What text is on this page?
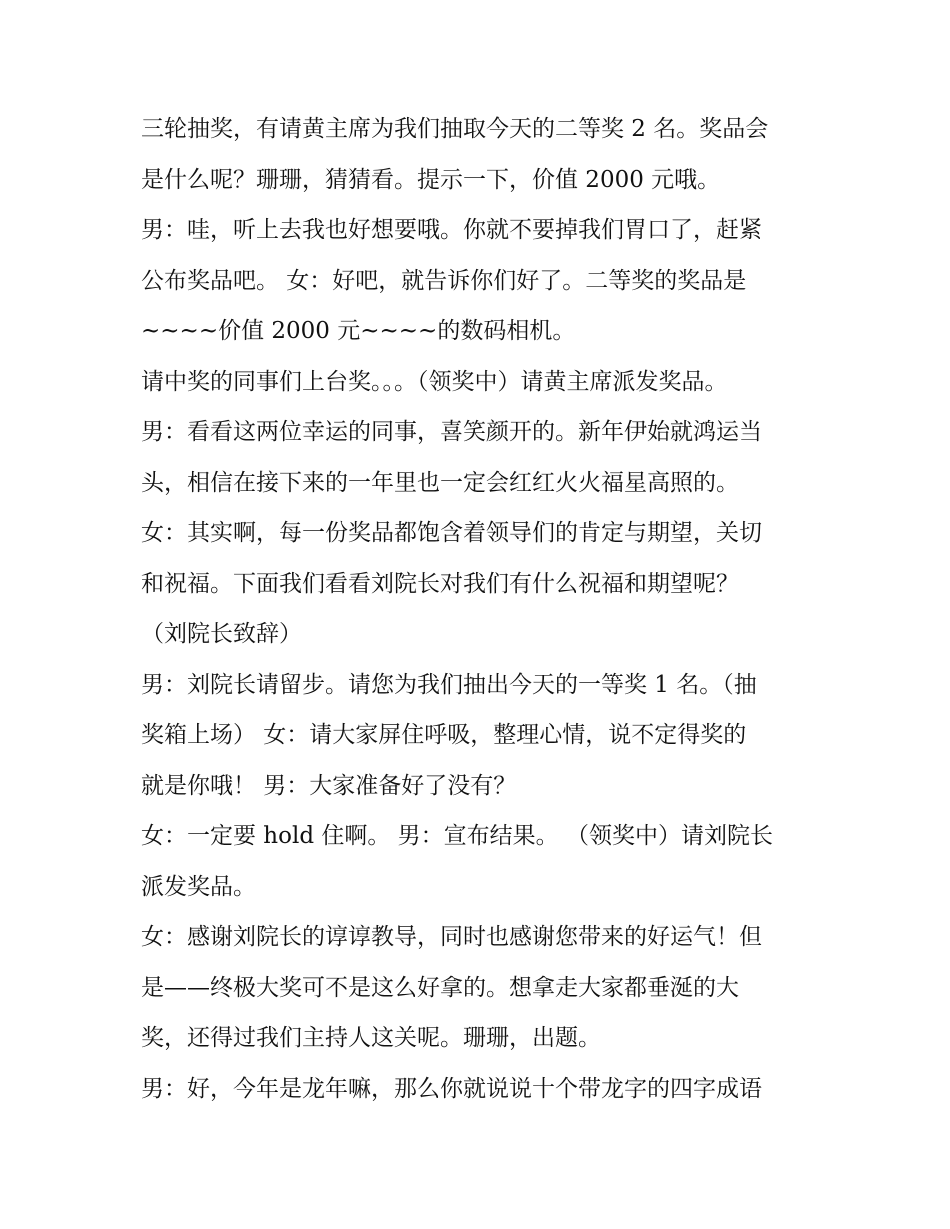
三轮抽奖，有请黄主席为我们抽取今天的二等奖 2 名。奖品会
是什么呢？珊珊，猜猜看。提示一下，价值 2000 元哦。
男：哇，听上去我也好想要哦。你就不要掉我们胃口了，赶紧
公布奖品吧。 女：好吧，就告诉你们好了。二等奖的奖品是
~~~~价值 2000 元~~~~的数码相机。
请中奖的同事们上台奖。。。（领奖中）请黄主席派发奖品。
男：看看这两位幸运的同事，喜笑颜开的。新年伊始就鸿运当
头，相信在接下来的一年里也一定会红红火火福星高照的。
女：其实啊，每一份奖品都饱含着领导们的肯定与期望，关切
和祝福。下面我们看看刘院长对我们有什么祝福和期望呢？
（刘院长致辞）
男：刘院长请留步。请您为我们抽出今天的一等奖 1 名。（抽
奖箱上场） 女：请大家屏住呼吸，整理心情，说不定得奖的
就是你哦！ 男：大家准备好了没有？
女：一定要 hold 住啊。 男：宣布结果。 （领奖中）请刘院长
派发奖品。
女：感谢刘院长的谆谆教导，同时也感谢您带来的好运气！但
是——终极大奖可不是这么好拿的。想拿走大家都垂涎的大
奖，还得过我们主持人这关呢。珊珊，出题。
男：好，今年是龙年嘛，那么你就说说十个带龙字的四字成语
